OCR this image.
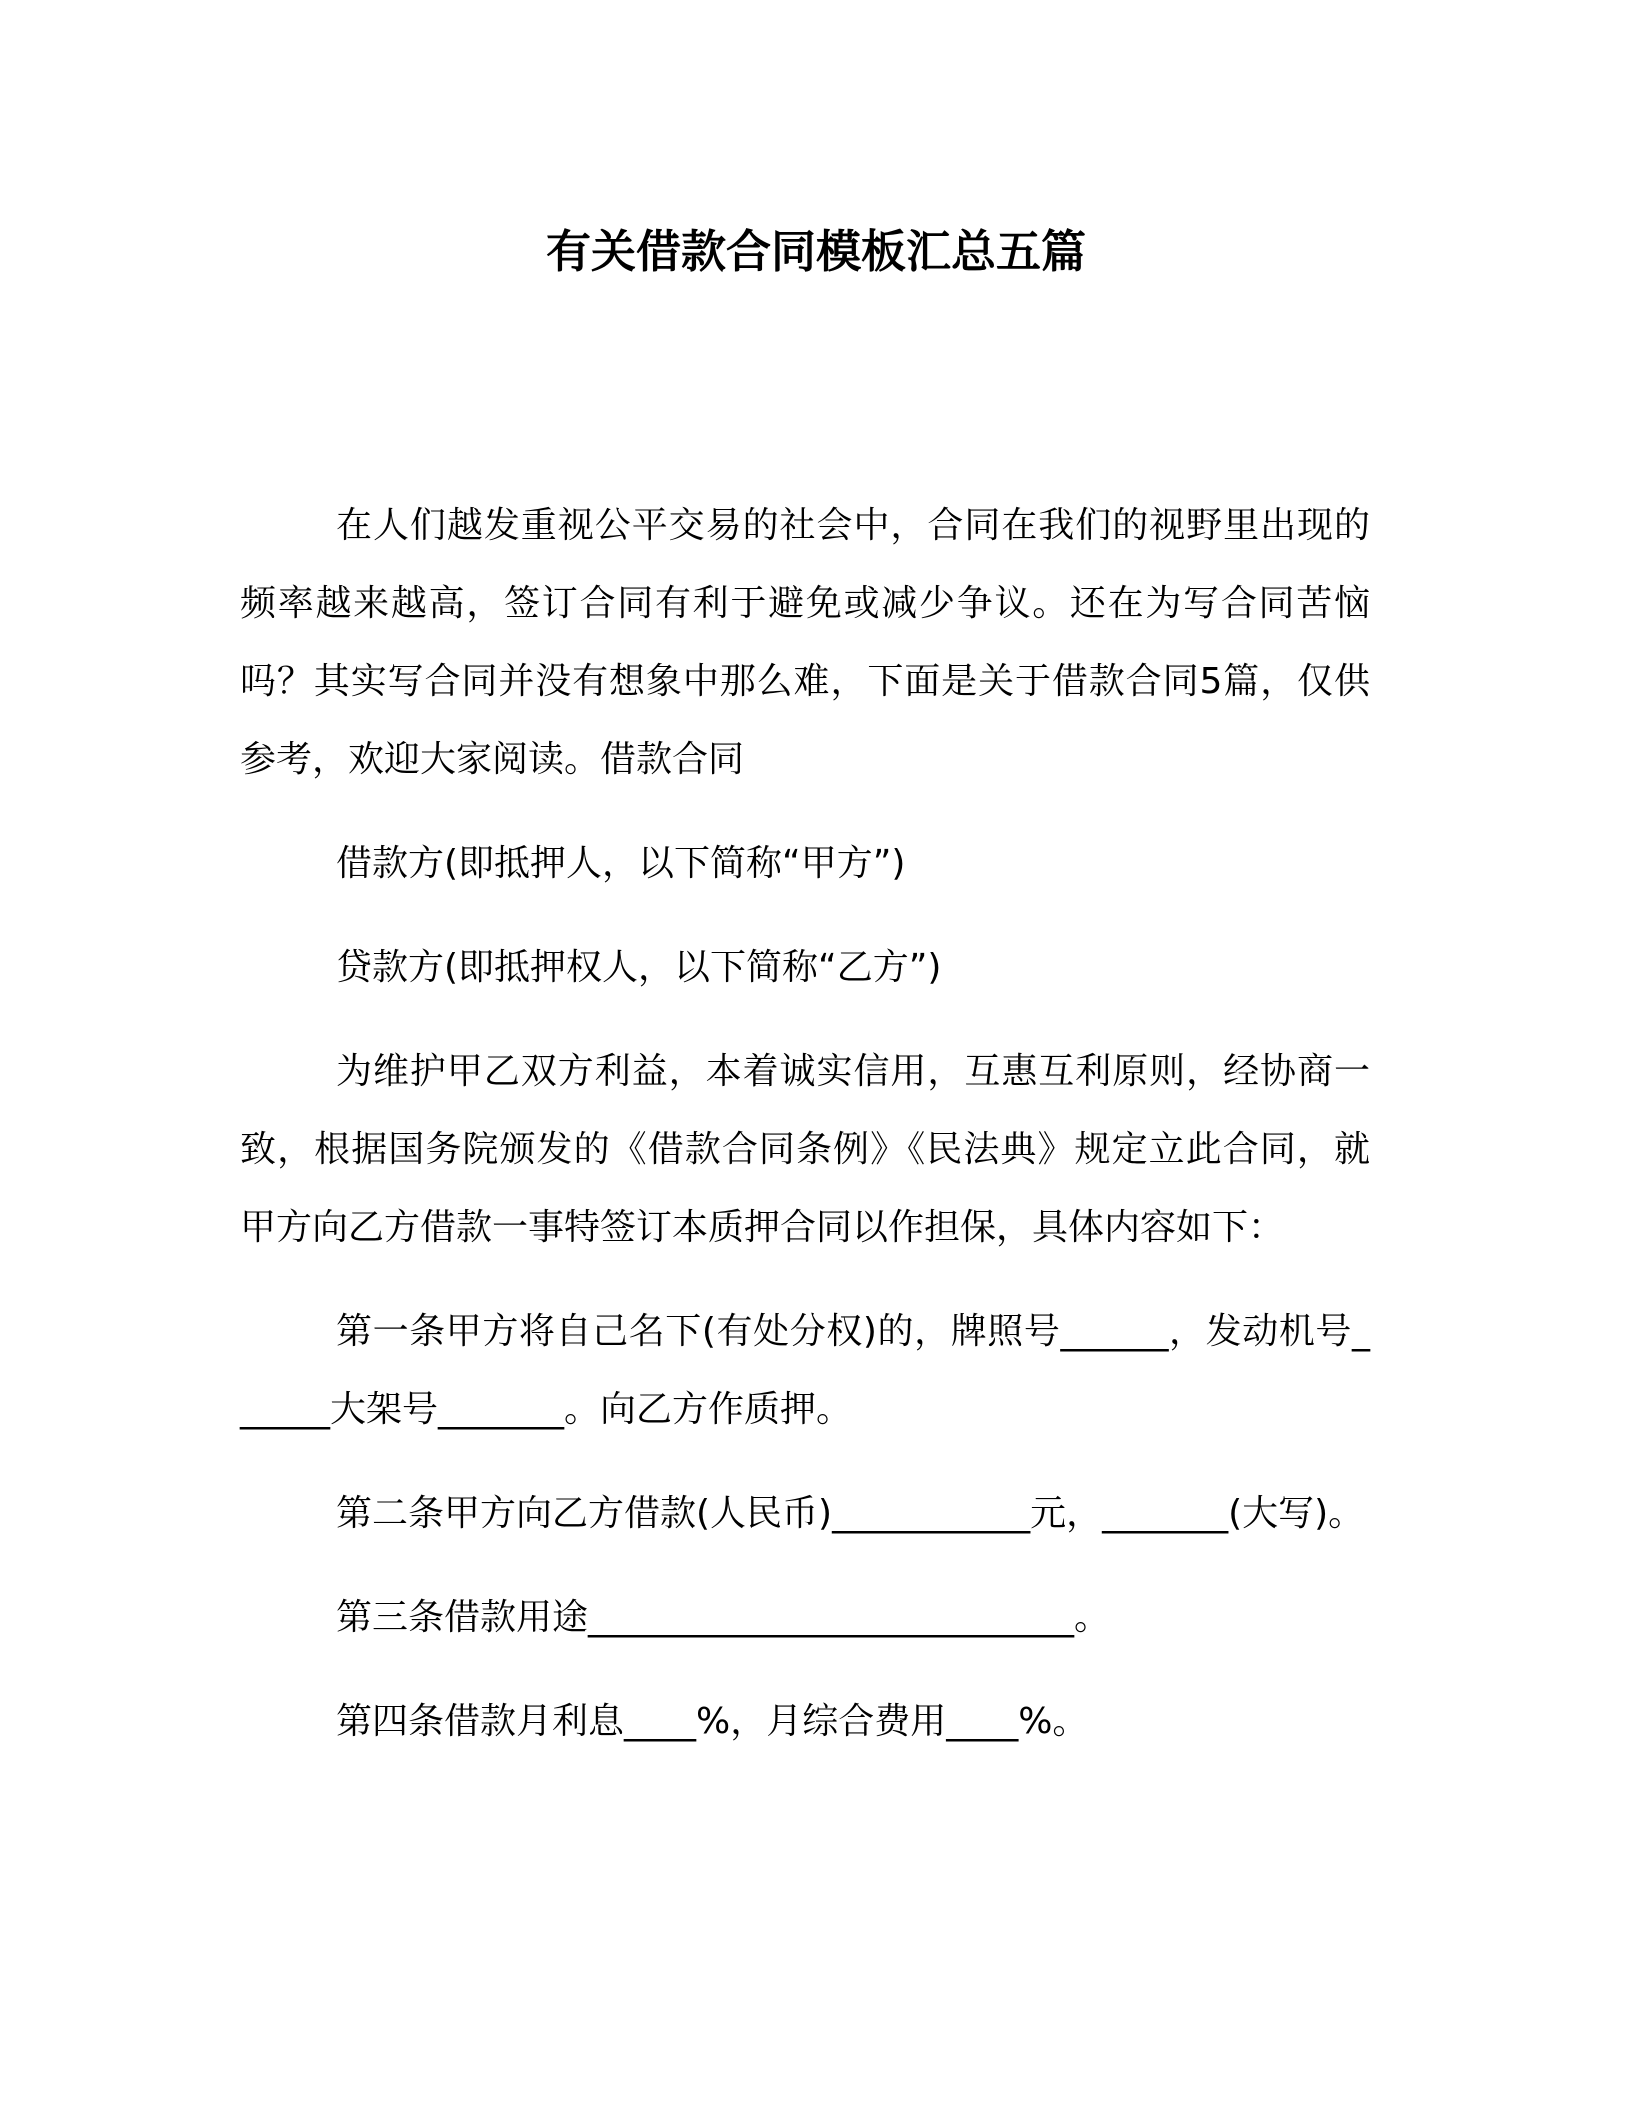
有关借款合同模板汇总五篇

在人们越发重视公平交易的社会中，合同在我们的视野里出现的频率越来越高，签订合同有利于避免或减少争议。还在为写合同苦恼吗？其实写合同并没有想象中那么难，下面是关于借款合同5篇，仅供参考，欢迎大家阅读。借款合同

借款方(即抵押人，以下简称“甲方”)

贷款方(即抵押权人，以下简称“乙方”)

为维护甲乙双方利益，本着诚实信用，互惠互利原则，经协商一致，根据国务院颁发的《借款合同条例》《民法典》规定立此合同，就甲方向乙方借款一事特签订本质押合同以作担保，具体内容如下：

第一条甲方将自己名下(有处分权)的，牌照号______，发动机号______大架号_______。向乙方作质押。

第二条甲方向乙方借款(人民币)___________元，_______(大写)。

第三条借款用途___________________________。

第四条借款月利息____%，月综合费用____%。
